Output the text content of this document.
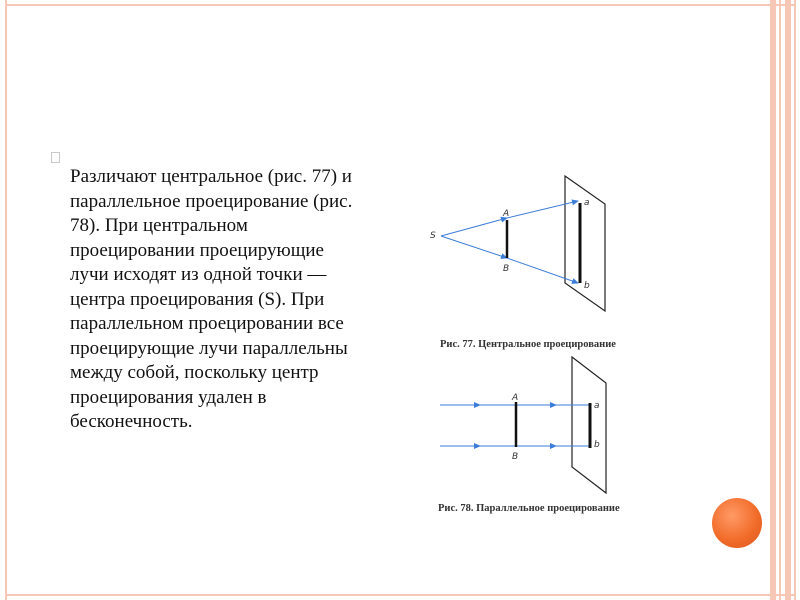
Различают центральное (рис. 77) и параллельное проецирование (рис. 78). При центральном проецировании проецирующие лучи исходят из одной точки — центра проецирования (S). При параллельном проецировании все проецирующие лучи параллельны между собой, поскольку центр проецирования удален в бесконечность.

S
A
B
a
b
Рис. 77. Центральное проецирование
A
B
a
b
Рис. 78. Параллельное проецирование
